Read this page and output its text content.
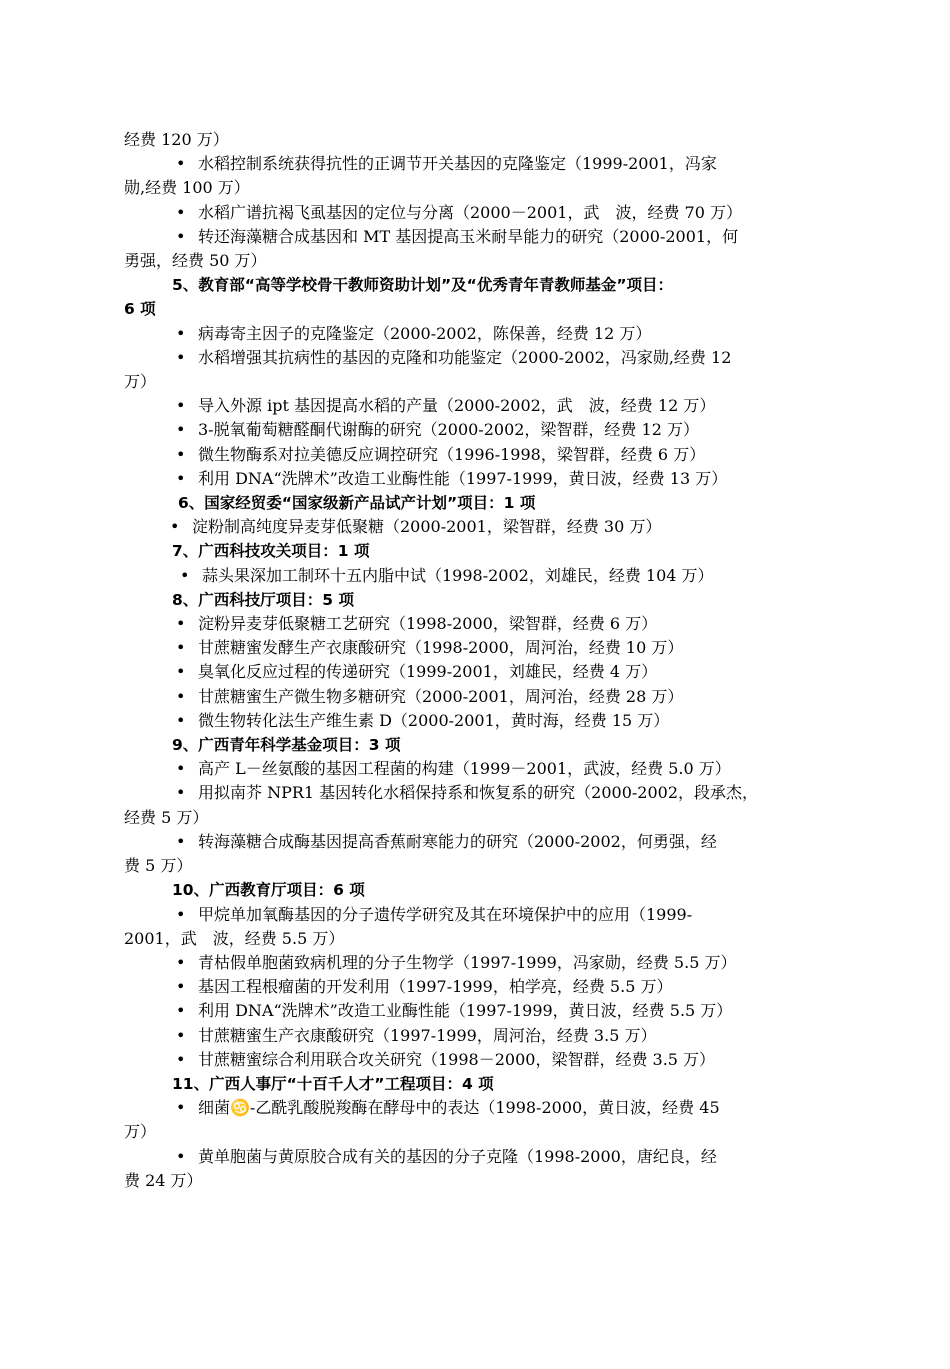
经费 120 万）
• 水稻控制系统获得抗性的正调节开关基因的克隆鉴定（1999-2001，冯家
勋,经费 100 万）
• 水稻广谱抗褐飞虱基因的定位与分离（2000－2001，武　波，经费 70 万）
• 转还海藻糖合成基因和 MT 基因提高玉米耐旱能力的研究（2000-2001，何
勇强，经费 50 万）
5、教育部“高等学校骨干教师资助计划”及“优秀青年青教师基金”项目：
6 项
• 病毒寄主因子的克隆鉴定（2000-2002，陈保善，经费 12 万）
• 水稻增强其抗病性的基因的克隆和功能鉴定（2000-2002，冯家勋,经费 12
万）
• 导入外源 ipt 基因提高水稻的产量（2000-2002，武　波，经费 12 万）
• 3-脱氧葡萄糖醛酮代谢酶的研究（2000-2002，梁智群，经费 12 万）
• 微生物酶系对拉美德反应调控研究（1996-1998，梁智群，经费 6 万）
• 利用 DNA“洗牌术”改造工业酶性能（1997-1999，黄日波，经费 13 万）
6、国家经贸委“国家级新产品试产计划”项目：1 项
• 淀粉制高纯度异麦芽低聚糖（2000-2001，梁智群，经费 30 万）
7、广西科技攻关项目：1 项
• 蒜头果深加工制环十五内脂中试（1998-2002，刘雄民，经费 104 万）
8、广西科技厅项目：5 项
• 淀粉异麦芽低聚糖工艺研究（1998-2000，梁智群，经费 6 万）
• 甘蔗糖蜜发酵生产衣康酸研究（1998-2000，周河治，经费 10 万）
• 臭氧化反应过程的传递研究（1999-2001，刘雄民，经费 4 万）
• 甘蔗糖蜜生产微生物多糖研究（2000-2001，周河治，经费 28 万）
• 微生物转化法生产维生素 D（2000-2001，黄时海，经费 15 万）
9、广西青年科学基金项目：3 项
• 高产 L－丝氨酸的基因工程菌的构建（1999－2001，武波，经费 5.0 万）
• 用拟南芥 NPR1 基因转化水稻保持系和恢复系的研究（2000-2002，段承杰，
经费 5 万）
• 转海藻糖合成酶基因提高香蕉耐寒能力的研究（2000-2002，何勇强，经
费 5 万）
10、广西教育厅项目：6 项
• 甲烷单加氧酶基因的分子遗传学研究及其在环境保护中的应用（1999-
2001，武　波，经费 5.5 万）
• 青枯假单胞菌致病机理的分子生物学（1997-1999，冯家勋，经费 5.5 万）
• 基因工程根瘤菌的开发利用（1997-1999，柏学亮，经费 5.5 万）
• 利用 DNA“洗牌术”改造工业酶性能（1997-1999，黄日波，经费 5.5 万）
• 甘蔗糖蜜生产衣康酸研究（1997-1999，周河治，经费 3.5 万）
• 甘蔗糖蜜综合利用联合攻关研究（1998－2000，梁智群，经费 3.5 万）
11、广西人事厅“十百千人才”工程项目：4 项
• 细菌♋-乙酰乳酸脱羧酶在酵母中的表达（1998-2000，黄日波，经费 45
万）
• 黄单胞菌与黄原胶合成有关的基因的分子克隆（1998-2000，唐纪良，经
费 24 万）
